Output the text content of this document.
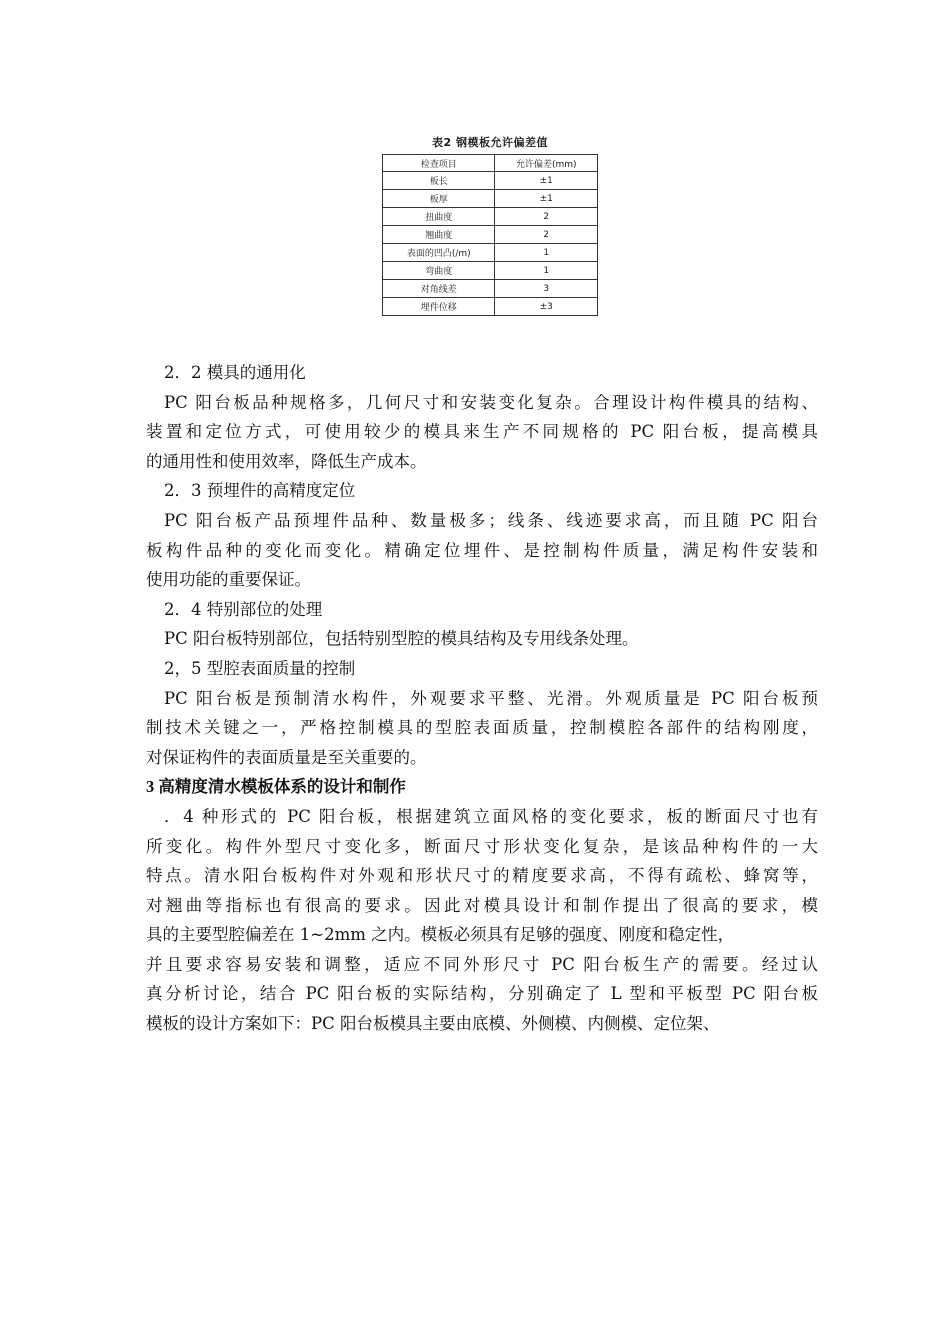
表2 钢模板允许偏差值
检查项目	允许偏差(mm)
板长	±1
板厚	±1
扭曲度	2
翘曲度	2
表面的凹凸(/m)	1
弯曲度	1
对角线差	3
埋件位移	±3
2．2 模具的通用化
PC 阳台板品种规格多，几何尺寸和安装变化复杂。合理设计构件模具的结构、
装置和定位方式，可使用较少的模具来生产不同规格的 PC 阳台板，提高模具
的通用性和使用效率，降低生产成本。
2．3 预埋件的高精度定位
PC 阳台板产品预埋件品种、数量极多；线条、线迹要求高，而且随 PC 阳台
板构件品种的变化而变化。精确定位埋件、是控制构件质量，满足构件安装和
使用功能的重要保证。
2．4 特别部位的处理
PC 阳台板特别部位，包括特别型腔的模具结构及专用线条处理。
2，5 型腔表面质量的控制
PC 阳台板是预制清水构件，外观要求平整、光滑。外观质量是 PC 阳台板预
制技术关键之一，严格控制模具的型腔表面质量，控制模腔各部件的结构刚度，
对保证构件的表面质量是至关重要的。
3 高精度清水模板体系的设计和制作
．4 种形式的 PC 阳台板，根据建筑立面风格的变化要求，板的断面尺寸也有
所变化。构件外型尺寸变化多，断面尺寸形状变化复杂，是该品种构件的一大
特点。清水阳台板构件对外观和形状尺寸的精度要求高，不得有疏松、蜂窝等，
对翘曲等指标也有很高的要求。因此对模具设计和制作提出了很高的要求，模
具的主要型腔偏差在 1~2mm 之内。模板必须具有足够的强度、刚度和稳定性，
并且要求容易安装和调整，适应不同外形尺寸 PC 阳台板生产的需要。经过认
真分析讨论，结合 PC 阳台板的实际结构，分别确定了 L 型和平板型 PC 阳台板
模板的设计方案如下：PC 阳台板模具主要由底模、外侧模、内侧模、定位架、
